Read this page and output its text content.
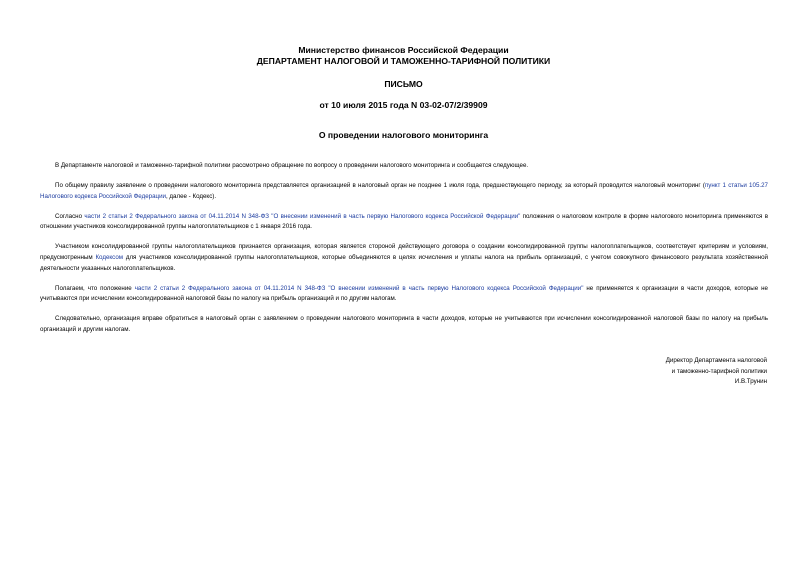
Министерство финансов Российской Федерации
ДЕПАРТАМЕНТ НАЛОГОВОЙ И ТАМОЖЕННО-ТАРИФНОЙ ПОЛИТИКИ
ПИСЬМО
от 10 июля 2015 года N 03-02-07/2/39909
О проведении налогового мониторинга

В Департаменте налоговой и таможенно-тарифной политики рассмотрено обращение по вопросу о проведении налогового мониторинга и сообщается следующее.

По общему правилу заявление о проведении налогового мониторинга представляется организацией в налоговый орган не позднее 1 июля года, предшествующего периоду, за который проводится налоговый мониторинг (пункт 1 статьи 105.27 Налогового кодекса Российской Федерации, далее - Кодекс).

Согласно части 2 статьи 2 Федерального закона от 04.11.2014 N 348-ФЗ "О внесении изменений в часть первую Налогового кодекса Российской Федерации" положения о налоговом контроле в форме налогового мониторинга применяются в отношении участников консолидированной группы налогоплательщиков с 1 января 2016 года.

Участником консолидированной группы налогоплательщиков признается организация, которая является стороной действующего договора о создании консолидированной группы налогоплательщиков, соответствует критериям и условиям, предусмотренным Кодексом для участников консолидированной группы налогоплательщиков, которые объединяются в целях исчисления и уплаты налога на прибыль организаций, с учетом совокупного финансового результата хозяйственной деятельности указанных налогоплательщиков.

Полагаем, что положение части 2 статьи 2 Федерального закона от 04.11.2014 N 348-ФЗ "О внесении изменений в часть первую Налогового кодекса Российской Федерации" не применяется к организации в части доходов, которые не учитываются при исчислении консолидированной налоговой базы по налогу на прибыль организаций и по другим налогам.

Следовательно, организация вправе обратиться в налоговый орган с заявлением о проведении налогового мониторинга в части доходов, которые не учитываются при исчислении консолидированной налоговой базы по налогу на прибыль организаций и другим налогам.

Директор Департамента налоговой
и таможенно-тарифной политики
И.В.Трунин
